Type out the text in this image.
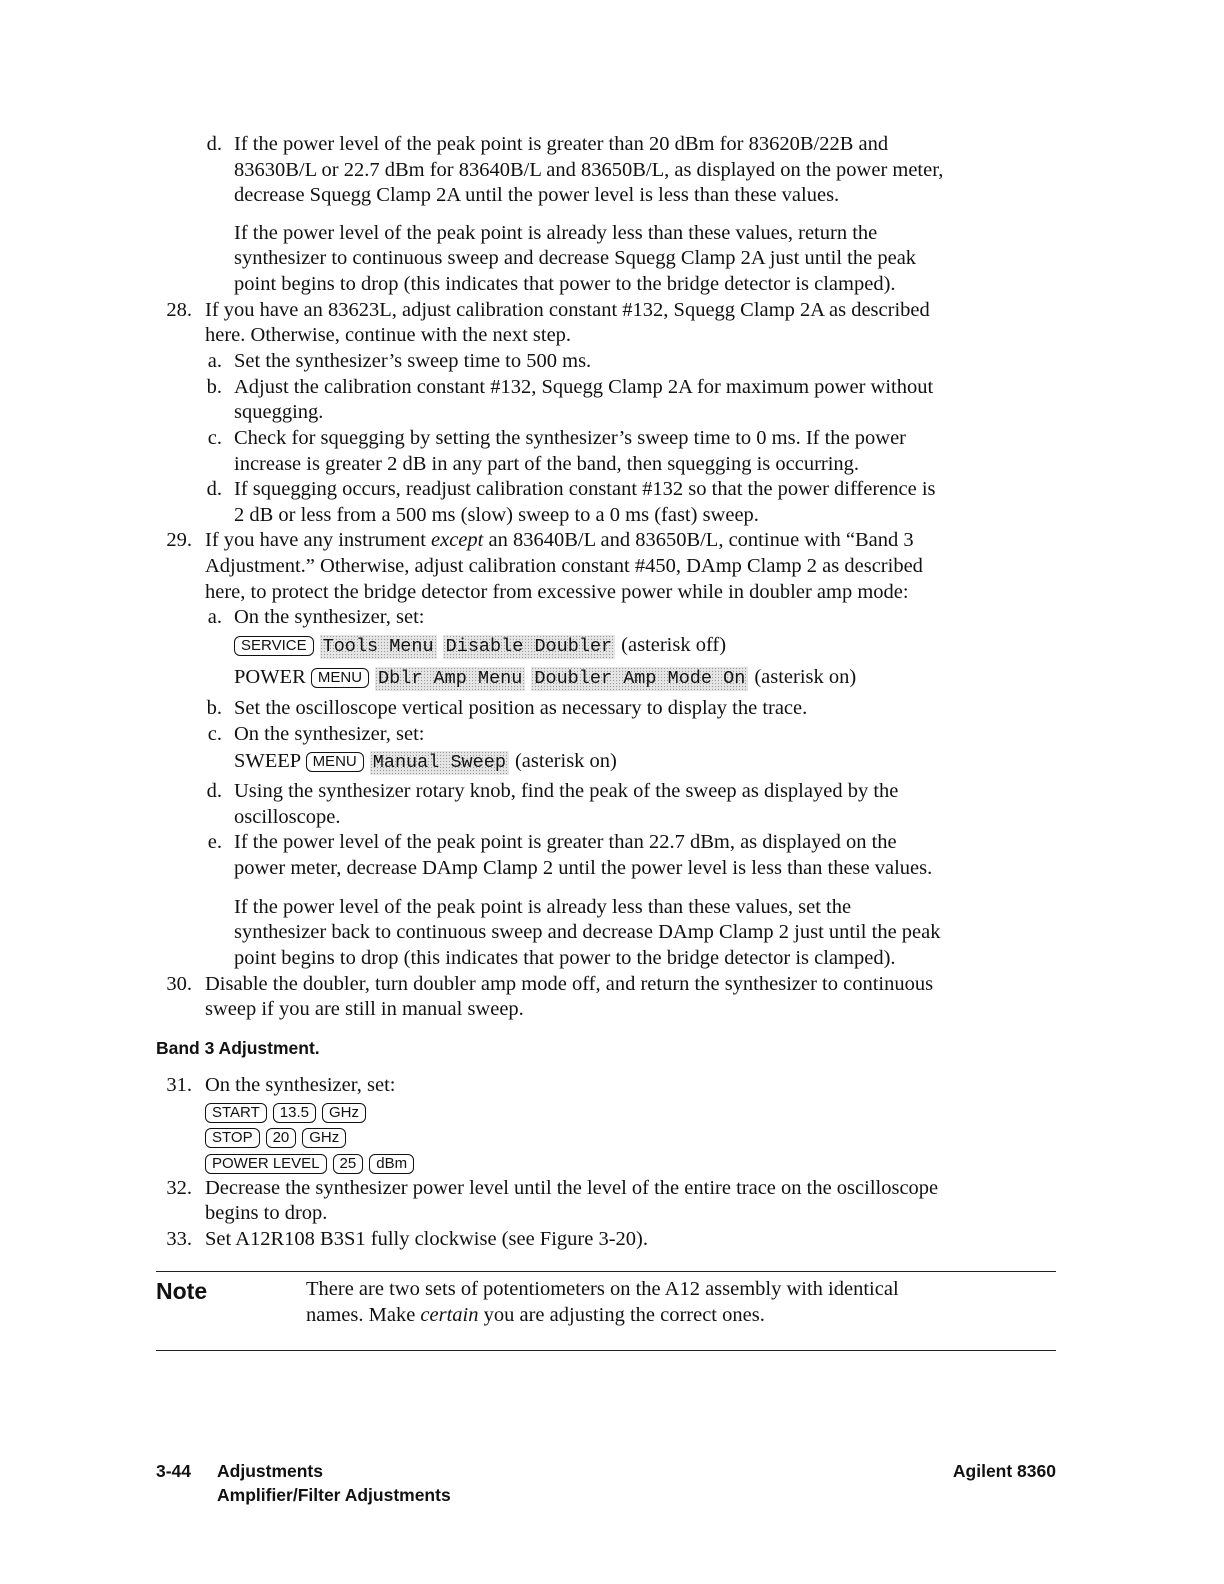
d. If the power level of the peak point is greater than 20 dBm for 83620B/22B and
83630B/L or 22.7 dBm for 83640B/L and 83650B/L, as displayed on the power meter,
decrease Squegg Clamp 2A until the power level is less than these values.
If the power level of the peak point is already less than these values, return the
synthesizer to continuous sweep and decrease Squegg Clamp 2A just until the peak
point begins to drop (this indicates that power to the bridge detector is clamped).
28. If you have an 83623L, adjust calibration constant #132, Squegg Clamp 2A as described
here. Otherwise, continue with the next step.
a. Set the synthesizer’s sweep time to 500 ms.
b. Adjust the calibration constant #132, Squegg Clamp 2A for maximum power without
squegging.
c. Check for squegging by setting the synthesizer’s sweep time to 0 ms. If the power
increase is greater 2 dB in any part of the band, then squegging is occurring.
d. If squegging occurs, readjust calibration constant #132 so that the power difference is
2 dB or less from a 500 ms (slow) sweep to a 0 ms (fast) sweep.
29. If you have any instrument except an 83640B/L and 83650B/L, continue with “Band 3
Adjustment.” Otherwise, adjust calibration constant #450, DAmp Clamp 2 as described
here, to protect the bridge detector from excessive power while in doubler amp mode:
a. On the synthesizer, set:
SERVICE Tools Menu Disable Doubler (asterisk off)
POWER MENU Dblr Amp Menu Doubler Amp Mode On (asterisk on)
b. Set the oscilloscope vertical position as necessary to display the trace.
c. On the synthesizer, set:
SWEEP MENU Manual Sweep (asterisk on)
d. Using the synthesizer rotary knob, find the peak of the sweep as displayed by the
oscilloscope.
e. If the power level of the peak point is greater than 22.7 dBm, as displayed on the
power meter, decrease DAmp Clamp 2 until the power level is less than these values.
If the power level of the peak point is already less than these values, set the
synthesizer back to continuous sweep and decrease DAmp Clamp 2 just until the peak
point begins to drop (this indicates that power to the bridge detector is clamped).
30. Disable the doubler, turn doubler amp mode off, and return the synthesizer to continuous
sweep if you are still in manual sweep.
Band 3 Adjustment.
31. On the synthesizer, set:
START 13.5 GHz
STOP 20 GHz
POWER LEVEL 25 dBm
32. Decrease the synthesizer power level until the level of the entire trace on the oscilloscope
begins to drop.
33. Set A12R108 B3S1 fully clockwise (see Figure 3-20).
Note	There are two sets of potentiometers on the A12 assembly with identical
names. Make certain you are adjusting the correct ones.
3-44 Adjustments
Amplifier/Filter Adjustments
Agilent 8360
